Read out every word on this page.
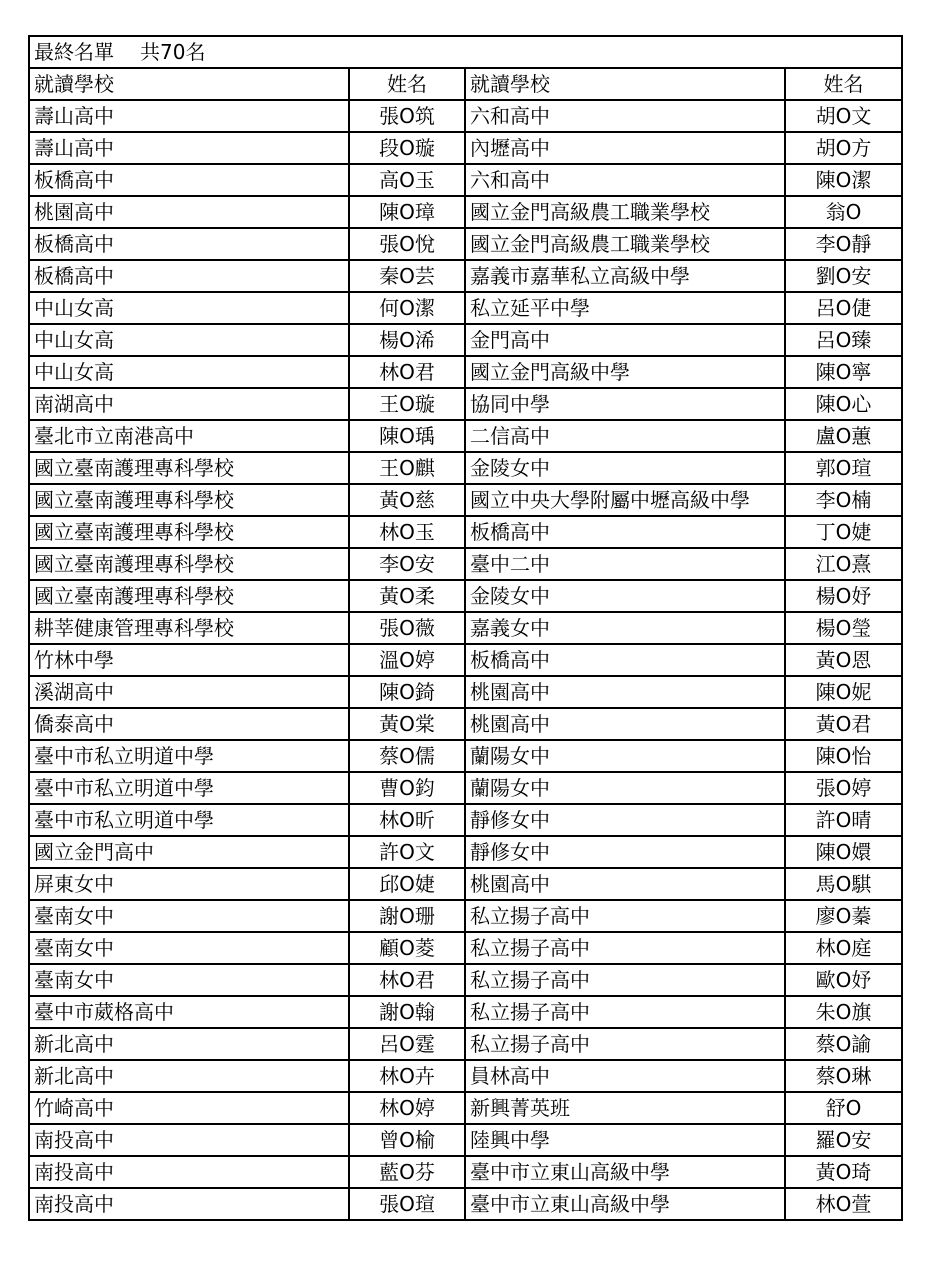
最終名單 共70名			
就讀學校	姓名	就讀學校	姓名
壽山高中	張O筑	六和高中	胡O文
壽山高中	段O璇	內壢高中	胡O方
板橋高中	高O玉	六和高中	陳O潔
桃園高中	陳O璋	國立金門高級農工職業學校	翁O
板橋高中	張O悅	國立金門高級農工職業學校	李O靜
板橋高中	秦O芸	嘉義市嘉華私立高級中學	劉O安
中山女高	何O潔	私立延平中學	呂O倢
中山女高	楊O浠	金門高中	呂O臻
中山女高	林O君	國立金門高級中學	陳O寧
南湖高中	王O璇	協同中學	陳O心
臺北市立南港高中	陳O瑀	二信高中	盧O蕙
國立臺南護理專科學校	王O麒	金陵女中	郭O瑄
國立臺南護理專科學校	黃O慈	國立中央大學附屬中壢高級中學	李O楠
國立臺南護理專科學校	林O玉	板橋高中	丁O婕
國立臺南護理專科學校	李O安	臺中二中	江O熹
國立臺南護理專科學校	黃O柔	金陵女中	楊O妤
耕莘健康管理專科學校	張O薇	嘉義女中	楊O瑩
竹林中學	溫O婷	板橋高中	黃O恩
溪湖高中	陳O錡	桃園高中	陳O妮
僑泰高中	黃O棠	桃園高中	黃O君
臺中市私立明道中學	蔡O儒	蘭陽女中	陳O怡
臺中市私立明道中學	曹O鈞	蘭陽女中	張O婷
臺中市私立明道中學	林O昕	靜修女中	許O晴
國立金門高中	許O文	靜修女中	陳O嬛
屏東女中	邱O婕	桃園高中	馬O騏
臺南女中	謝O珊	私立揚子高中	廖O蓁
臺南女中	顧O菱	私立揚子高中	林O庭
臺南女中	林O君	私立揚子高中	歐O妤
臺中市葳格高中	謝O翰	私立揚子高中	朱O旗
新北高中	呂O霆	私立揚子高中	蔡O諭
新北高中	林O卉	員林高中	蔡O琳
竹崎高中	林O婷	新興菁英班	舒O
南投高中	曾O榆	陸興中學	羅O安
南投高中	藍O芬	臺中市立東山高級中學	黃O琦
南投高中	張O瑄	臺中市立東山高級中學	林O萱
